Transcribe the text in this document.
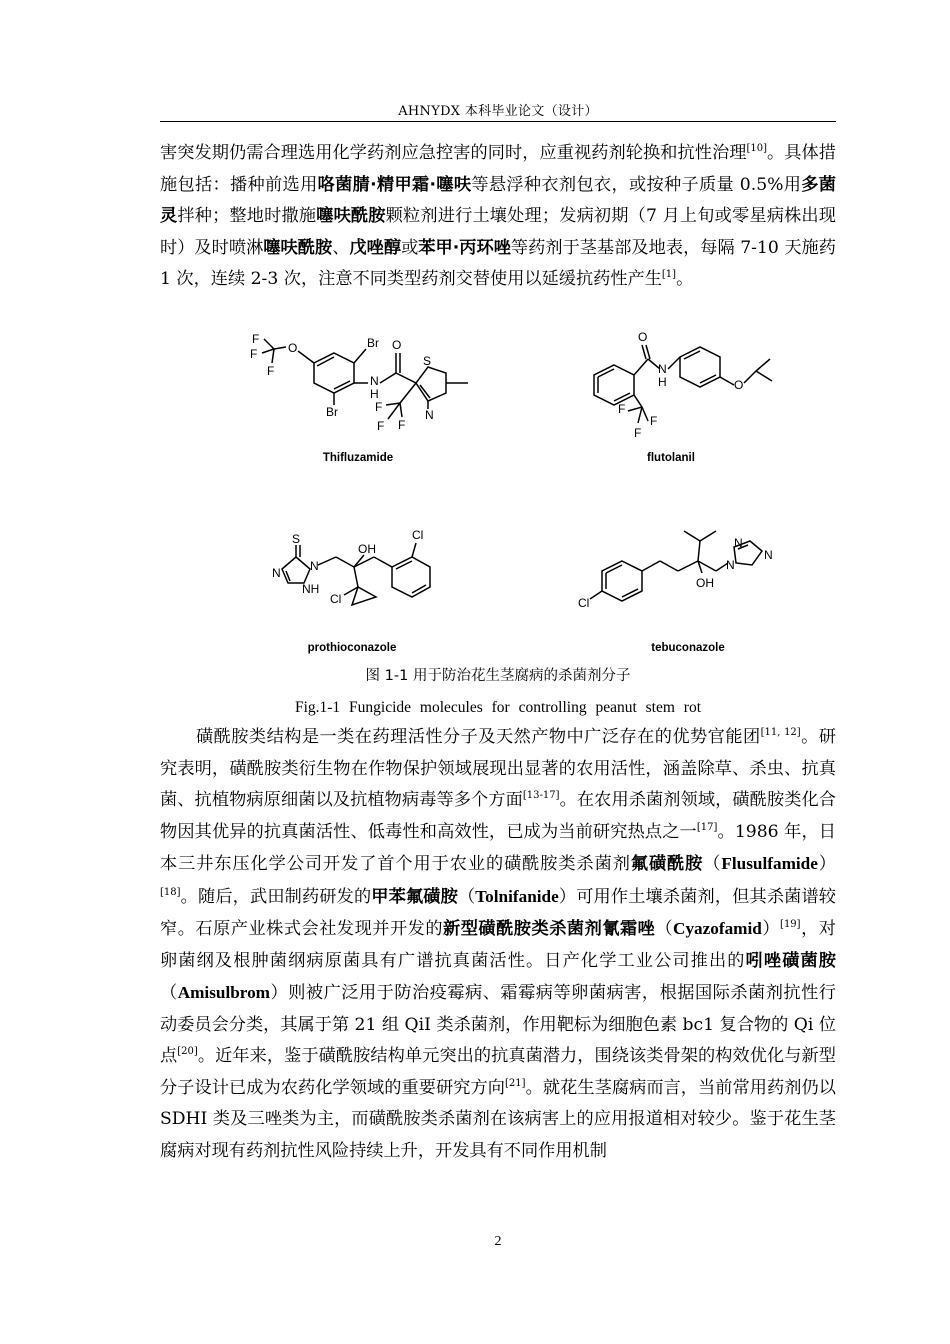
AHNYDX 本科毕业论文（设计）

害突发期仍需合理选用化学药剂应急控害的同时，应重视药剂轮换和抗性治理[10]。具体措施包括：播种前选用咯菌腈·精甲霜·噻呋等悬浮种衣剂包衣，或按种子质量 0.5%用多菌灵拌种；整地时撒施噻呋酰胺颗粒剂进行土壤处理；发病初期（7 月上旬或零星病株出现时）及时喷淋噻呋酰胺、戊唑醇或苯甲·丙环唑等药剂于茎基部及地表，每隔 7-10 天施药 1 次，连续 2-3 次，注意不同类型药剂交替使用以延缓抗药性产生[1]。

F
F
F
O	Br
Br
O
N
H
S
N
F
F F
Thifluzamide
O
N
H	O
F
F
F
flutolanil
S
N
N
NH
OH
Cl
Cl
prothioconazole
Cl
OH
N
N
N
tebuconazole
图 1-1 用于防治花生茎腐病的杀菌剂分子
Fig.1-1 Fungicide molecules for controlling peanut stem rot

磺酰胺类结构是一类在药理活性分子及天然产物中广泛存在的优势官能团[11, 12]。研究表明，磺酰胺类衍生物在作物保护领域展现出显著的农用活性，涵盖除草、杀虫、抗真菌、抗植物病原细菌以及抗植物病毒等多个方面[13-17]。在农用杀菌剂领域，磺酰胺类化合物因其优异的抗真菌活性、低毒性和高效性，已成为当前研究热点之一[17]。1986 年，日本三井东压化学公司开发了首个用于农业的磺酰胺类杀菌剂氟磺酰胺（Flusulfamide）[18]。随后，武田制药研发的甲苯氟磺胺（Tolnifanide）可用作土壤杀菌剂，但其杀菌谱较窄。石原产业株式会社发现并开发的新型磺酰胺类杀菌剂氰霜唑（Cyazofamid）[19]，对卵菌纲及根肿菌纲病原菌具有广谱抗真菌活性。日产化学工业公司推出的吲唑磺菌胺（Amisulbrom）则被广泛用于防治疫霉病、霜霉病等卵菌病害，根据国际杀菌剂抗性行动委员会分类，其属于第 21 组 QiI 类杀菌剂，作用靶标为细胞色素 bc1 复合物的 Qi 位点[20]。近年来，鉴于磺酰胺结构单元突出的抗真菌潜力，围绕该类骨架的构效优化与新型分子设计已成为农药化学领域的重要研究方向[21]。就花生茎腐病而言，当前常用药剂仍以 SDHI 类及三唑类为主，而磺酰胺类杀菌剂在该病害上的应用报道相对较少。鉴于花生茎腐病对现有药剂抗性风险持续上升，开发具有不同作用机制

2
